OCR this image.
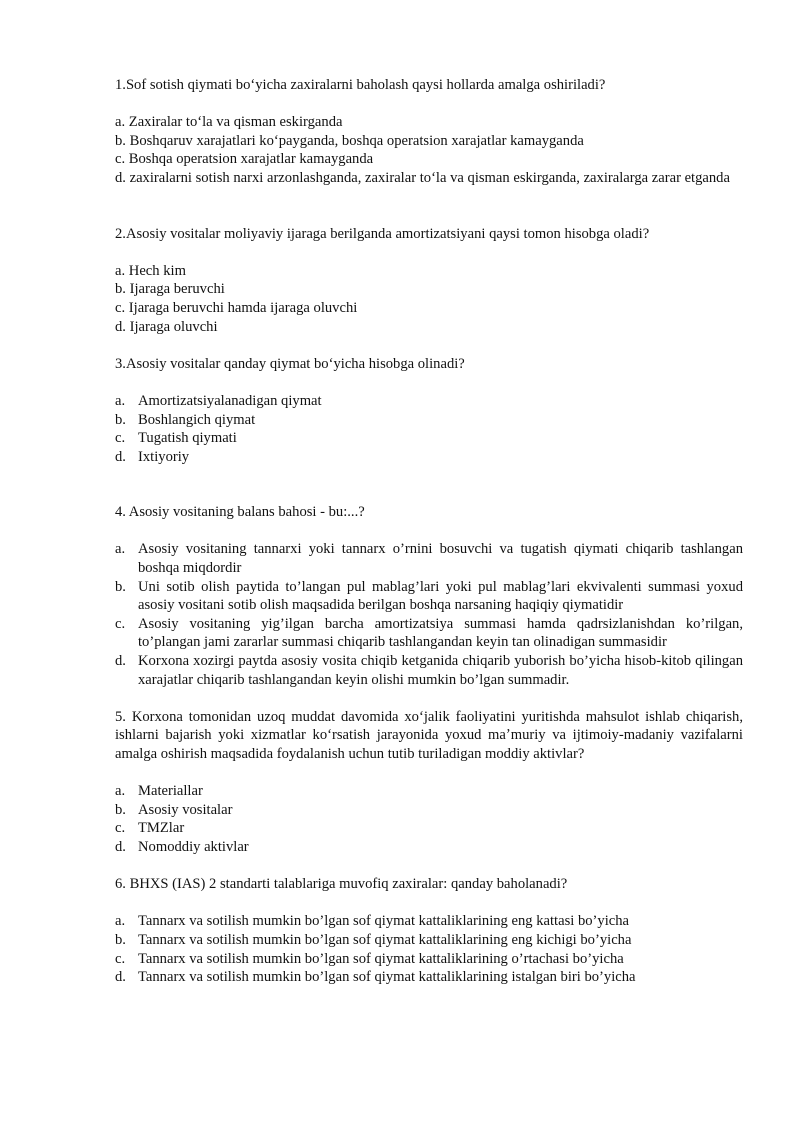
1.Sof sotish qiymati boʻyicha zaxiralarni baholash qaysi hollarda amalga oshiriladi?

a. Zaxiralar toʻla va qisman eskirganda
b. Boshqaruv xarajatlari koʻpayganda, boshqa operatsion xarajatlar kamayganda
c. Boshqa operatsion xarajatlar kamayganda
d. zaxiralarni sotish narxi arzonlashganda, zaxiralar toʻla va qisman eskirganda, zaxiralarga zarar etganda

2.Asosiy vositalar moliyaviy ijaraga berilganda amortizatsiyani qaysi tomon hisobga oladi?

a. Hech kim
b. Ijaraga beruvchi
c. Ijaraga beruvchi hamda ijaraga oluvchi
d. Ijaraga oluvchi

3.Asosiy vositalar qanday qiymat boʻyicha hisobga olinadi?

a. Amortizatsiyalanadigan qiymat
b. Boshlangich qiymat
c. Tugatish qiymati
d. Ixtiyoriy

4. Asosiy vositaning balans bahosi - bu:...?

a. Asosiy vositaning tannarxi yoki tannarx o’rnini bosuvchi va tugatish qiymati chiqarib tashlangan boshqa miqdordir
b. Uni sotib olish paytida to’langan pul mablag’lari yoki pul mablag’lari ekvivalenti summasi yoxud asosiy vositani sotib olish maqsadida berilgan boshqa narsaning haqiqiy qiymatidir
c. Asosiy vositaning yig’ilgan barcha amortizatsiya summasi hamda qadrsizlanishdan ko’rilgan, to’plangan jami zararlar summasi chiqarib tashlangandan keyin tan olinadigan summasidir
d. Korxona xozirgi paytda asosiy vosita chiqib ketganida chiqarib yuborish bo’yicha hisob-kitob qilingan xarajatlar chiqarib tashlangandan keyin olishi mumkin bo’lgan summadir.

5. Korxona tomonidan uzoq muddat davomida xoʻjalik faoliyatini yuritishda mahsulot ishlab chiqarish, ishlarni bajarish yoki xizmatlar koʻrsatish jarayonida yoxud maʼmuriy va ijtimoiy-madaniy vazifalarni amalga oshirish maqsadida foydalanish uchun tutib turiladigan moddiy aktivlar?

a. Materiallar
b. Asosiy vositalar
c. TMZlar
d. Nomoddiy aktivlar

6. BHXS (IAS) 2 standarti talablariga muvofiq zaxiralar: qanday baholanadi?

a. Tannarx va sotilish mumkin bo’lgan sof qiymat kattaliklarining eng kattasi bo’yicha
b. Tannarx va sotilish mumkin bo’lgan sof qiymat kattaliklarining eng kichigi bo’yicha
c. Tannarx va sotilish mumkin bo’lgan sof qiymat kattaliklarining o’rtachasi bo’yicha
d. Tannarx va sotilish mumkin bo’lgan sof qiymat kattaliklarining istalgan biri bo’yicha
